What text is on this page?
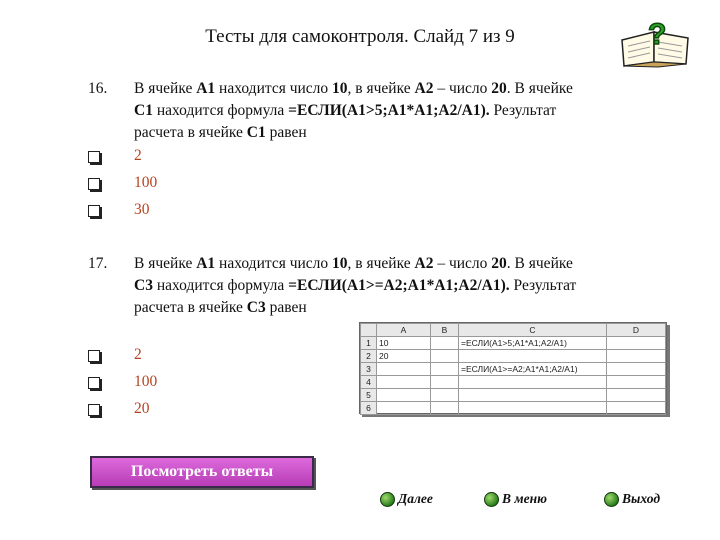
Тесты для самоконтроля. Слайд 7 из 9	?
16.	В ячейке А1 находится число 10, в ячейке А2 – число 20. В ячейке
С1 находится формула =ЕСЛИ(А1>5;А1*А1;А2/А1). Результат
расчета в ячейке С1 равен
2
100
30
17.	В ячейке А1 находится число 10, в ячейке А2 – число 20. В ячейке
С3 находится формула =ЕСЛИ(А1>=А2;А1*А1;А2/А1). Результат
расчета в ячейке С3 равен
2
100
20
	A	B	C	D
1	10		=ЕСЛИ(А1>5;А1*А1;А2/А1)	
2	20			
3			=ЕСЛИ(А1>=А2;А1*А1;А2/А1)	
4				
5				
6				
Посмотреть ответы
Далее	В меню	Выход
